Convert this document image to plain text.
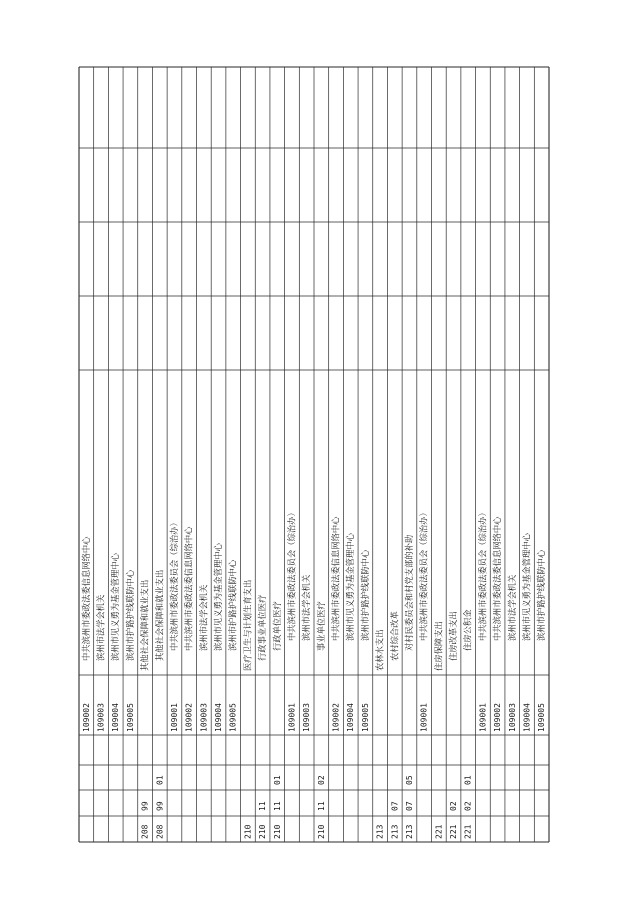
109002
中共滨州市委政法委信息网络中心
109003
滨州市法学会机关
109004
滨州市见义勇为基金管理中心
109005
滨州市护路护线联防中心
208
99
其他社会保障和就业支出
208
99
01
其他社会保障和就业支出
109001
中共滨州市委政法委员会（综治办）
109002
中共滨州市委政法委信息网络中心
109003
滨州市法学会机关
109004
滨州市见义勇为基金管理中心
109005
滨州市护路护线联防中心
210
医疗卫生与计划生育支出
210
11
行政事业单位医疗
210
11
01
行政单位医疗
109001
中共滨州市委政法委员会（综治办）
109003
滨州市法学会机关
210
11
02
事业单位医疗
109002
中共滨州市委政法委信息网络中心
109004
滨州市见义勇为基金管理中心
109005
滨州市护路护线联防中心
213
农林水支出
213
07
农村综合改革
213
07
05
对村民委员会和村党支部的补助
109001
中共滨州市委政法委员会（综治办）
221
住房保障支出
221
02
住房改革支出
221
02
01
住房公积金
109001
中共滨州市委政法委员会（综治办）
109002
中共滨州市委政法委信息网络中心
109003
滨州市法学会机关
109004
滨州市见义勇为基金管理中心
109005
滨州市护路护线联防中心
